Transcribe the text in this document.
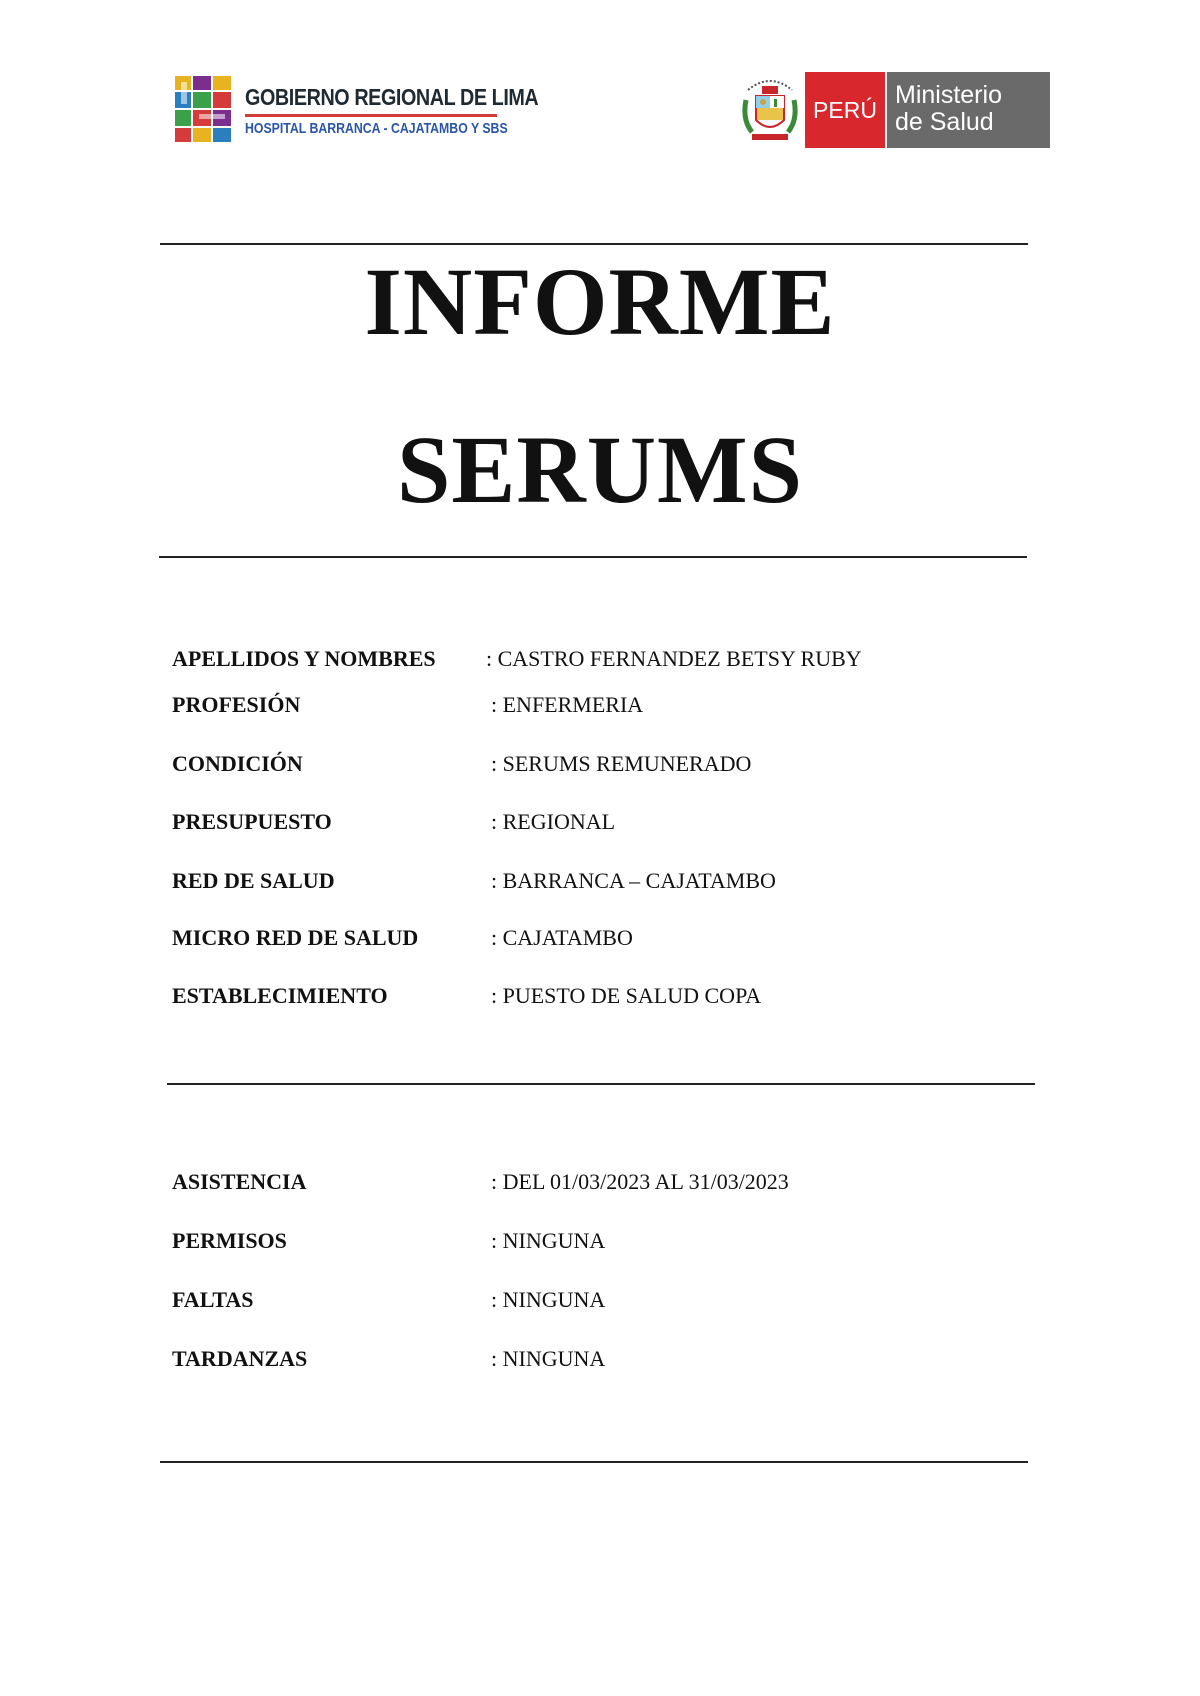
GOBIERNO REGIONAL DE LIMA
HOSPITAL BARRANCA - CAJATAMBO Y SBS
PERÚ
Ministerio
de Salud
INFORME
SERUMS
APELLIDOS Y NOMBRES : CASTRO FERNANDEZ BETSY RUBY
PROFESIÓN	: ENFERMERIA
CONDICIÓN	: SERUMS REMUNERADO
PRESUPUESTO	: REGIONAL
RED DE SALUD	: BARRANCA – CAJATAMBO
MICRO RED DE SALUD	: CAJATAMBO
ESTABLECIMIENTO	: PUESTO DE SALUD COPA
ASISTENCIA	: DEL 01/03/2023 AL 31/03/2023
PERMISOS	: NINGUNA
FALTAS	: NINGUNA
TARDANZAS	: NINGUNA
